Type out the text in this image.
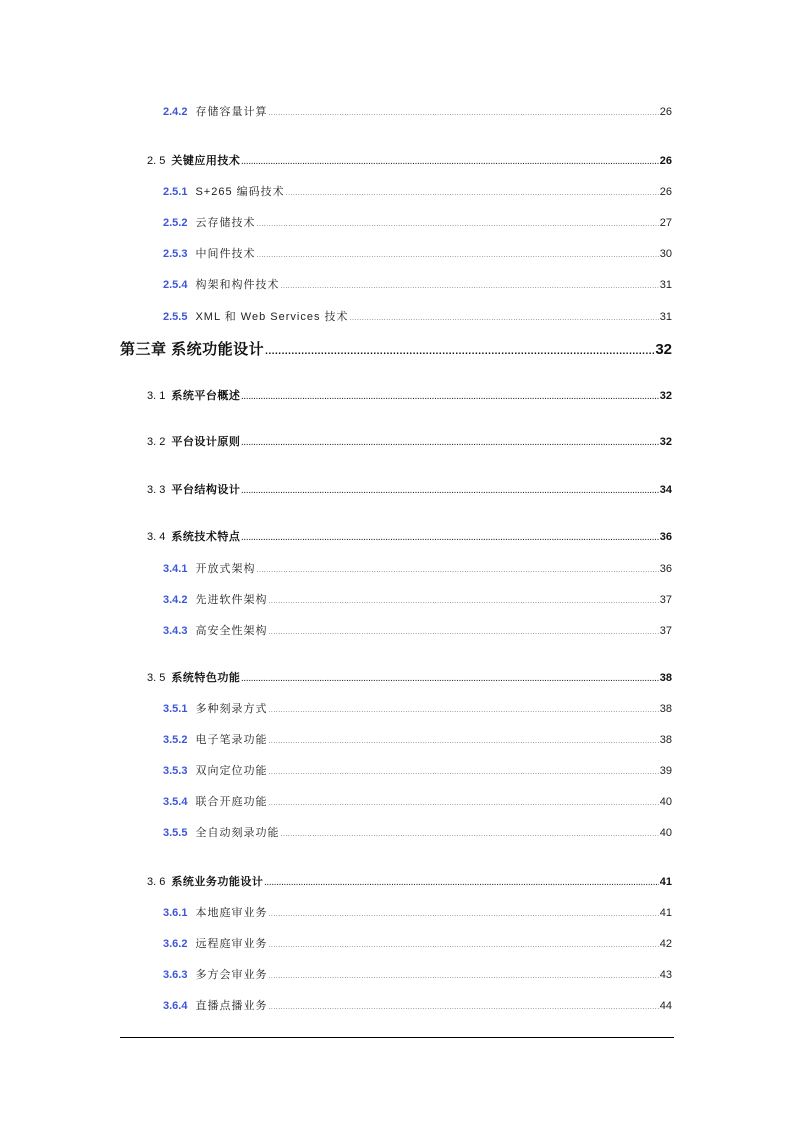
2.4.2 存储容量计算 .....	26
2. 5 关键应用技术 .....	26
2.5.1 S+265 编码技术 .....	26
2.5.2 云存储技术 .....	27
2.5.3 中间件技术 .....	30
2.5.4 构架和构件技术 .....	31
2.5.5 XML 和 Web Services 技术 .....	31
第三章 系统功能设计 .....	32
3. 1 系统平台概述 .....	32
3. 2 平台设计原则 .....	32
3. 3 平台结构设计 .....	34
3. 4 系统技术特点 .....	36
3.4.1 开放式架构 .....	36
3.4.2 先进软件架构 .....	37
3.4.3 高安全性架构 .....	37
3. 5 系统特色功能 .....	38
3.5.1 多种刻录方式 .....	38
3.5.2 电子笔录功能 .....	38
3.5.3 双向定位功能 .....	39
3.5.4 联合开庭功能 .....	40
3.5.5 全自动刻录功能 .....	40
3. 6 系统业务功能设计 .....	41
3.6.1 本地庭审业务 .....	41
3.6.2 远程庭审业务 .....	42
3.6.3 多方会审业务 .....	43
3.6.4 直播点播业务 .....	44
